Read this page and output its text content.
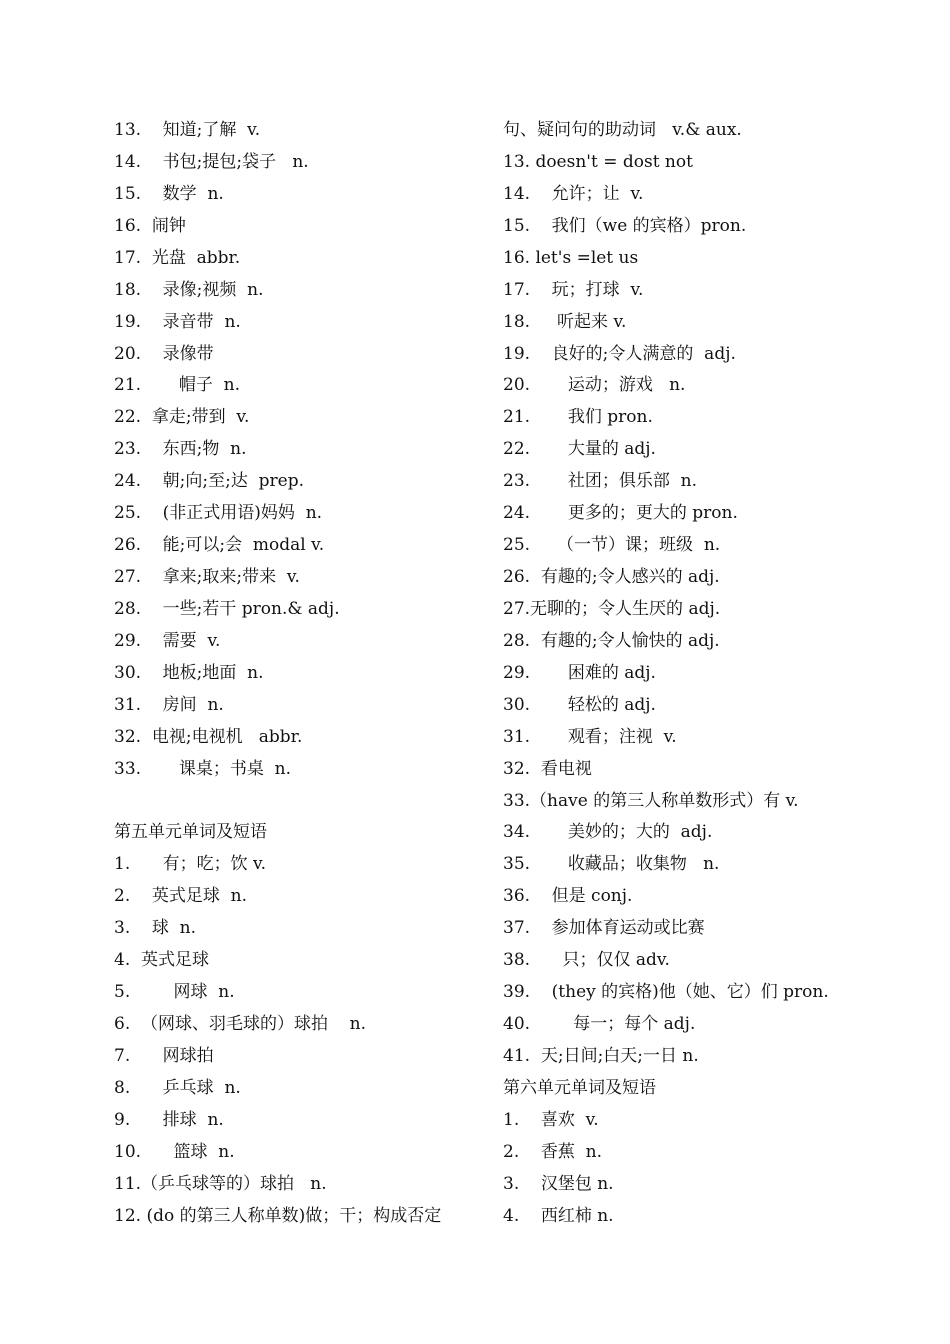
13.    知道;了解  v.
14.    书包;提包;袋子   n.
15.    数学  n.
16.  闹钟
17.  光盘  abbr.
18.    录像;视频  n.
19.    录音带  n.
20.    录像带
21.       帽子  n.
22.  拿走;带到  v.
23.    东西;物  n.
24.    朝;向;至;达  prep.
25.    (非正式用语)妈妈  n.
26.    能;可以;会  modal v.
27.    拿来;取来;带来  v.
28.    一些;若干 pron.& adj.
29.    需要  v.
30.    地板;地面  n.
31.    房间  n.
32.  电视;电视机   abbr.
33.       课桌；书桌  n.
第五单元单词及短语
1.      有；吃；饮 v.
2.    英式足球  n.
3.    球  n.
4.  英式足球
5.        网球  n.
6.  （网球、羽毛球的）球拍    n.
7.      网球拍
8.      乒乓球  n.
9.      排球  n.
10.      篮球  n.
11.（乒乓球等的）球拍   n.
12. (do 的第三人称单数)做；干；构成否定
句、疑问句的助动词   v.& aux.
13. doesn't = dost not
14.    允许；让  v.
15.    我们（we 的宾格）pron.
16. let's =let us
17.    玩；打球  v.
18.     听起来 v.
19.    良好的;令人满意的  adj.
20.       运动；游戏   n.
21.       我们 pron.
22.       大量的 adj.
23.       社团；俱乐部  n.
24.       更多的；更大的 pron.
25.     （一节）课；班级  n.
26.  有趣的;令人感兴的 adj.
27.无聊的；令人生厌的 adj.
28.  有趣的;令人愉快的 adj.
29.       困难的 adj.
30.       轻松的 adj.
31.       观看；注视  v.
32.  看电视
33.（have 的第三人称单数形式）有 v.
34.       美妙的；大的  adj.
35.       收藏品；收集物   n.
36.    但是 conj.
37.    参加体育运动或比赛
38.      只；仅仅 adv.
39.    (they 的宾格)他（她、它）们 pron.
40.        每一；每个 adj.
41.  天;日间;白天;一日 n.
第六单元单词及短语
1.    喜欢  v.
2.    香蕉  n.
3.    汉堡包 n.
4.    西红柿 n.
